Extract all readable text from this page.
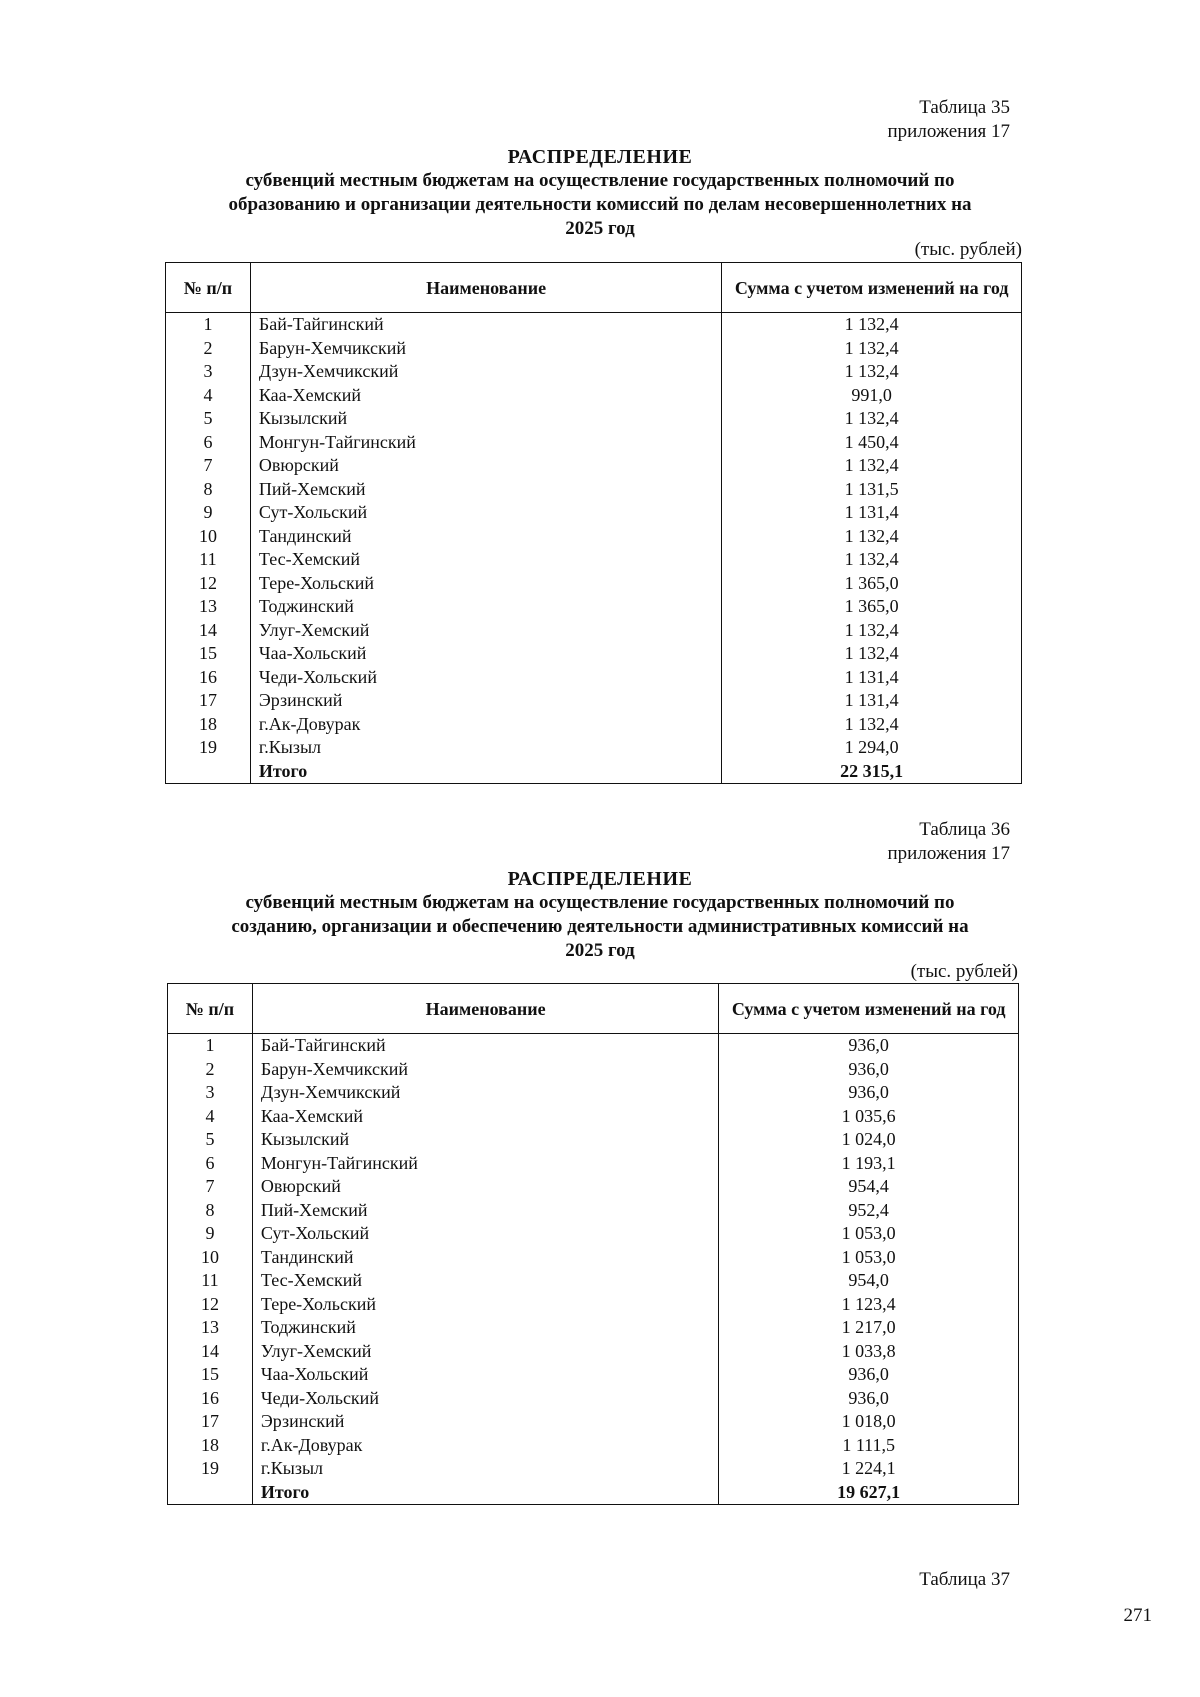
Таблица 35
приложения 17
РАСПРЕДЕЛЕНИЕ
субвенций местным бюджетам на осуществление государственных полномочий по
образованию и организации деятельности комиссий по делам несовершеннолетних на
2025 год
(тыс. рублей)
№ п/п	Наименование	Сумма с учетом изменений на год
1	Бай-Тайгинский	1 132,4
2	Барун-Хемчикский	1 132,4
3	Дзун-Хемчикский	1 132,4
4	Каа-Хемский	991,0
5	Кызылский	1 132,4
6	Монгун-Тайгинский	1 450,4
7	Овюрский	1 132,4
8	Пий-Хемский	1 131,5
9	Сут-Хольский	1 131,4
10	Тандинский	1 132,4
11	Тес-Хемский	1 132,4
12	Тере-Хольский	1 365,0
13	Тоджинский	1 365,0
14	Улуг-Хемский	1 132,4
15	Чаа-Хольский	1 132,4
16	Чеди-Хольский	1 131,4
17	Эрзинский	1 131,4
18	г.Ак-Довурак	1 132,4
19	г.Кызыл	1 294,0
	Итого	22 315,1
Таблица 36
приложения 17
РАСПРЕДЕЛЕНИЕ
субвенций местным бюджетам на осуществление государственных полномочий по
созданию, организации и обеспечению деятельности административных комиссий на
2025 год
(тыс. рублей)
№ п/п	Наименование	Сумма с учетом изменений на год
1	Бай-Тайгинский	936,0
2	Барун-Хемчикский	936,0
3	Дзун-Хемчикский	936,0
4	Каа-Хемский	1 035,6
5	Кызылский	1 024,0
6	Монгун-Тайгинский	1 193,1
7	Овюрский	954,4
8	Пий-Хемский	952,4
9	Сут-Хольский	1 053,0
10	Тандинский	1 053,0
11	Тес-Хемский	954,0
12	Тере-Хольский	1 123,4
13	Тоджинский	1 217,0
14	Улуг-Хемский	1 033,8
15	Чаа-Хольский	936,0
16	Чеди-Хольский	936,0
17	Эрзинский	1 018,0
18	г.Ак-Довурак	1 111,5
19	г.Кызыл	1 224,1
	Итого	19 627,1
Таблица 37
271
